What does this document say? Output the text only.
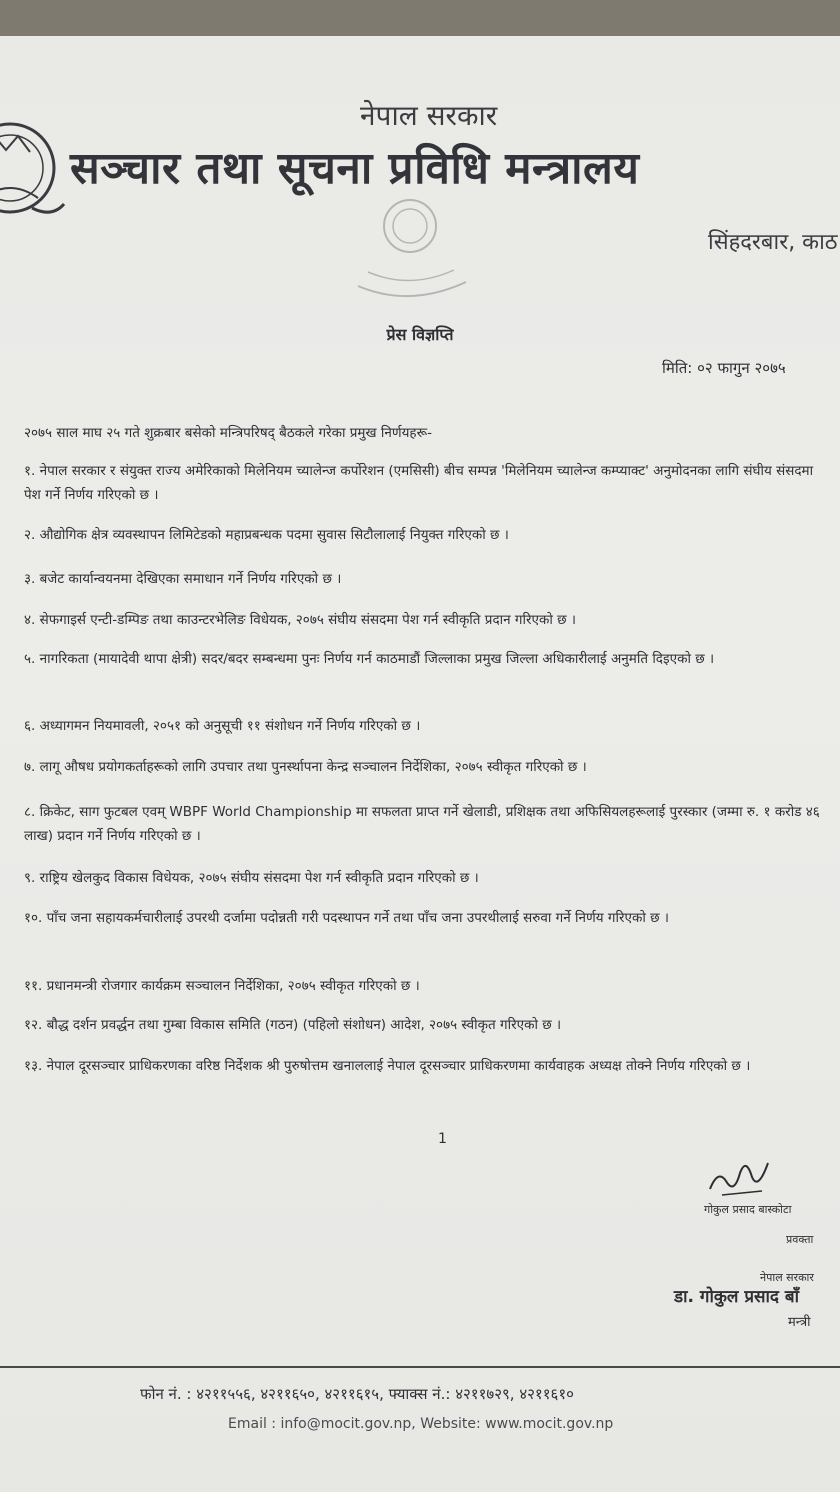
नेपाल सरकार
सञ्चार तथा सूचना प्रविधि मन्त्रालय
सिंहदरबार, काठ
प्रेस विज्ञप्ति
मिति: ०२ फागुन २०७५
२०७५ साल माघ २५ गते शुक्रबार बसेको मन्त्रिपरिषद् बैठकले गरेका प्रमुख निर्णयहरू-
१. नेपाल सरकार र संयुक्त राज्य अमेरिकाको मिलेनियम च्यालेन्ज कर्पोरेशन (एमसिसी) बीच सम्पन्न 'मिलेनियम च्यालेन्ज कम्प्याक्ट' अनुमोदनका लागि संघीय संसदमा पेश गर्ने निर्णय गरिएको छ ।
२. औद्योगिक क्षेत्र व्यवस्थापन लिमिटेडको महाप्रबन्धक पदमा सुवास सिटौलालाई नियुक्त गरिएको छ ।
३. बजेट कार्यान्वयनमा देखिएका समाधान गर्ने निर्णय गरिएको छ ।
४. सेफगाइर्स एन्टी-डम्पिङ तथा काउन्टरभेलिङ विधेयक, २०७५ संघीय संसदमा पेश गर्न स्वीकृति प्रदान गरिएको छ ।
५. नागरिकता (मायादेवी थापा क्षेत्री) सदर/बदर सम्बन्धमा पुनः निर्णय गर्न काठमाडौं जिल्लाका प्रमुख जिल्ला अधिकारीलाई अनुमति दिइएको छ ।
६. अध्यागमन नियमावली, २०५१ को अनुसूची ११ संशोधन गर्ने निर्णय गरिएको छ ।
७. लागू औषध प्रयोगकर्ताहरूको लागि उपचार तथा पुनर्स्थापना केन्द्र सञ्चालन निर्देशिका, २०७५ स्वीकृत गरिएको छ ।
८. क्रिकेट, साग फुटबल एवम् WBPF World Championship मा सफलता प्राप्त गर्ने खेलाडी, प्रशिक्षक तथा अफिसियलहरूलाई पुरस्कार (जम्मा रु. १ करोड ४६ लाख) प्रदान गर्ने निर्णय गरिएको छ ।
९. राष्ट्रिय खेलकुद विकास विधेयक, २०७५ संघीय संसदमा पेश गर्न स्वीकृति प्रदान गरिएको छ ।
१०. पाँच जना सहायकर्मचारीलाई उपरथी दर्जामा पदोन्नती गरी पदस्थापन गर्ने तथा पाँच जना उपरथीलाई सरुवा गर्ने निर्णय गरिएको छ ।
११. प्रधानमन्त्री रोजगार कार्यक्रम सञ्चालन निर्देशिका, २०७५ स्वीकृत गरिएको छ ।
१२. बौद्ध दर्शन प्रवर्द्धन तथा गुम्बा विकास समिति (गठन) (पहिलो संशोधन) आदेश, २०७५ स्वीकृत गरिएको छ ।
१३. नेपाल दूरसञ्चार प्राधिकरणका वरिष्ठ निर्देशक श्री पुरुषोत्तम खनाललाई नेपाल दूरसञ्चार प्राधिकरणमा कार्यवाहक अध्यक्ष तोक्ने निर्णय गरिएको छ ।
1
गोकुल प्रसाद बास्कोटा
प्रवक्ता
नेपाल सरकार
डा. गोकुल प्रसाद बाँ
मन्त्री
फोन नं. : ४२११५५६, ४२११६५०, ४२११६१५, फ्याक्स नं.: ४२११७२९, ४२११६१०
Email : info@mocit.gov.np, Website: www.mocit.gov.np
